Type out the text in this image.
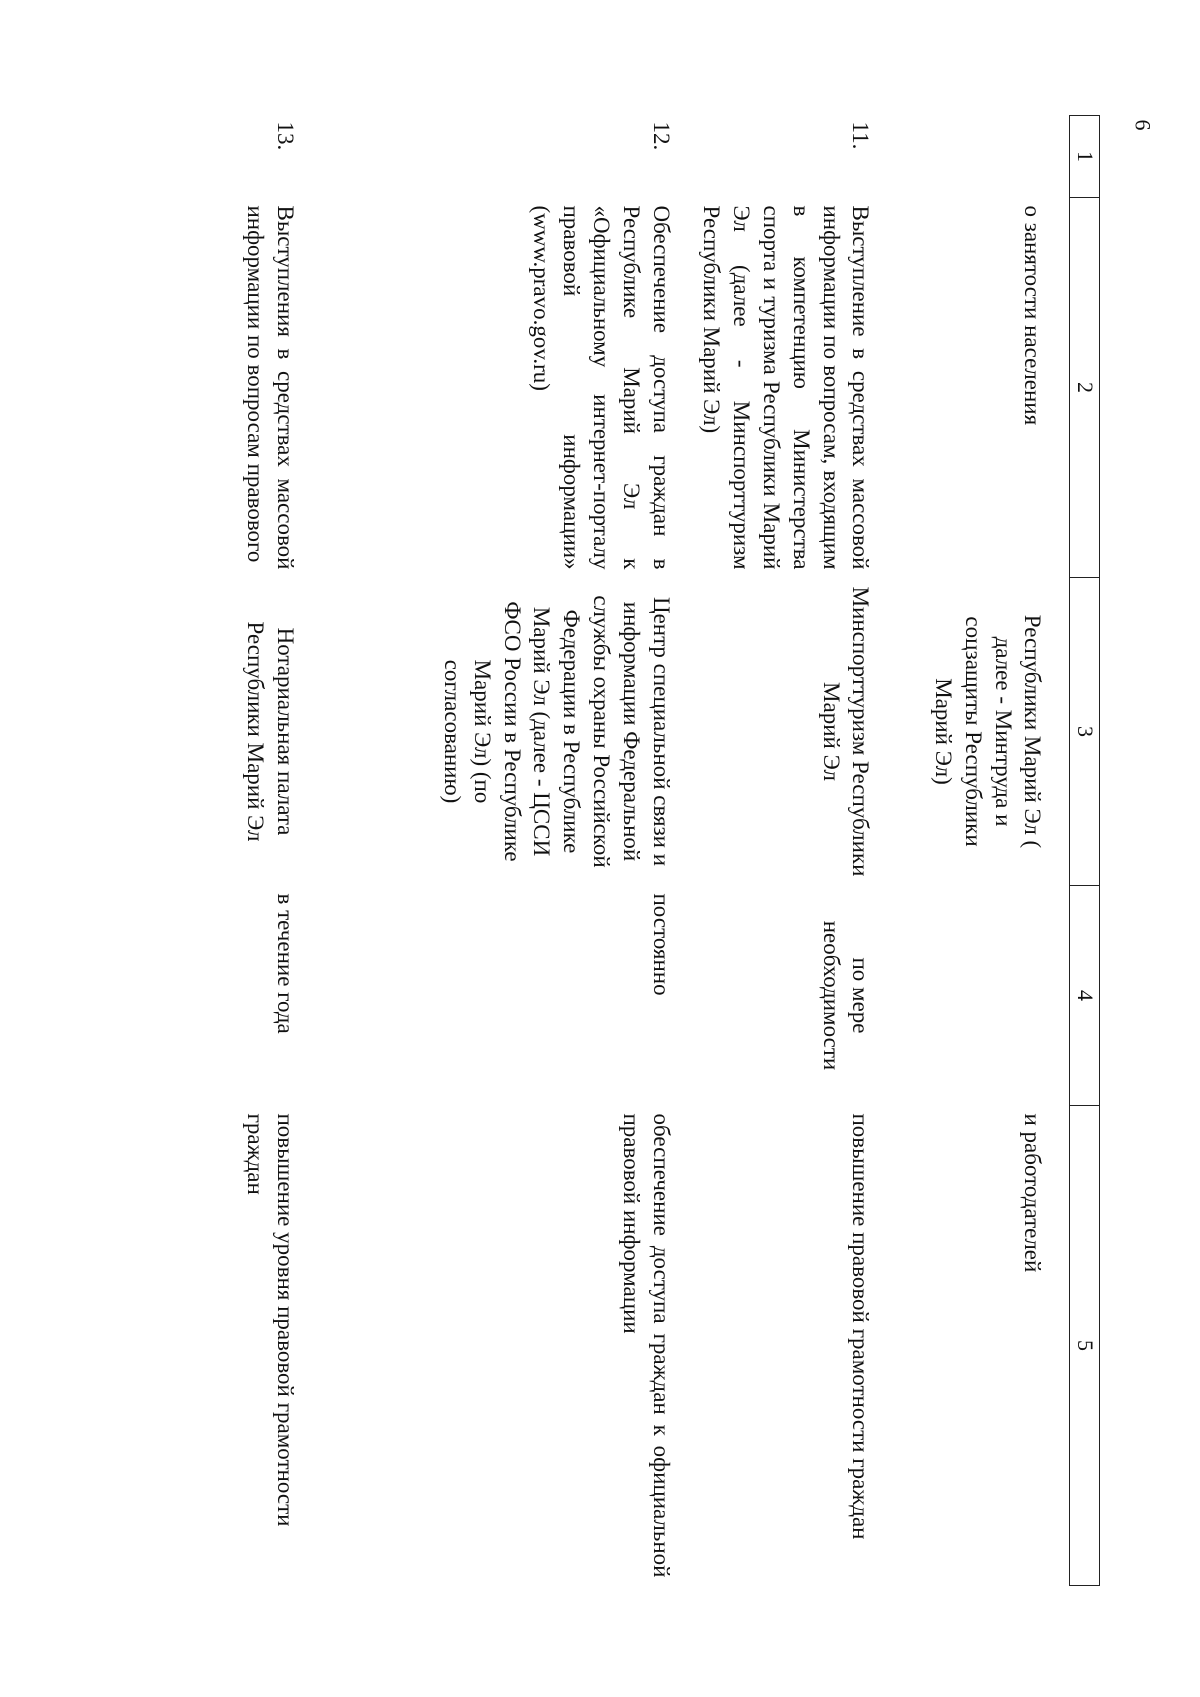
6
1	2	3	4	5
	о занятости населения	Республики Марий Эл ( далее - Минтруда и соцзащиты Республики Марий Эл)		и работодателей
11.	Выступление в средствах массовой информации по вопросам, входящим в компетенцию Министерства спорта и туризма Республики Марий Эл (далее - Минспорттуризм Республики Марий Эл)	Минспорттуризм Республики Марий Эл	по мере необходимости	повышение правовой грамотности граждан
12.	Обеспечение доступа граждан в Республике Марий Эл к «Официальному интернет-порталу правовой информации» (www.pravo.gov.ru)	Центр специальной связи и информации Федеральной службы охраны Российской Федерации в Республике Марий Эл (далее - ЦССИ ФСО России в Республике Марий Эл) (по согласованию)	постоянно	обеспечение доступа граждан к официальной правовой информации
13.	Выступления в средствах массовой информации по вопросам правового	Нотариальная палата Республики Марий Эл	в течение года	повышение уровня правовой грамотности граждан
